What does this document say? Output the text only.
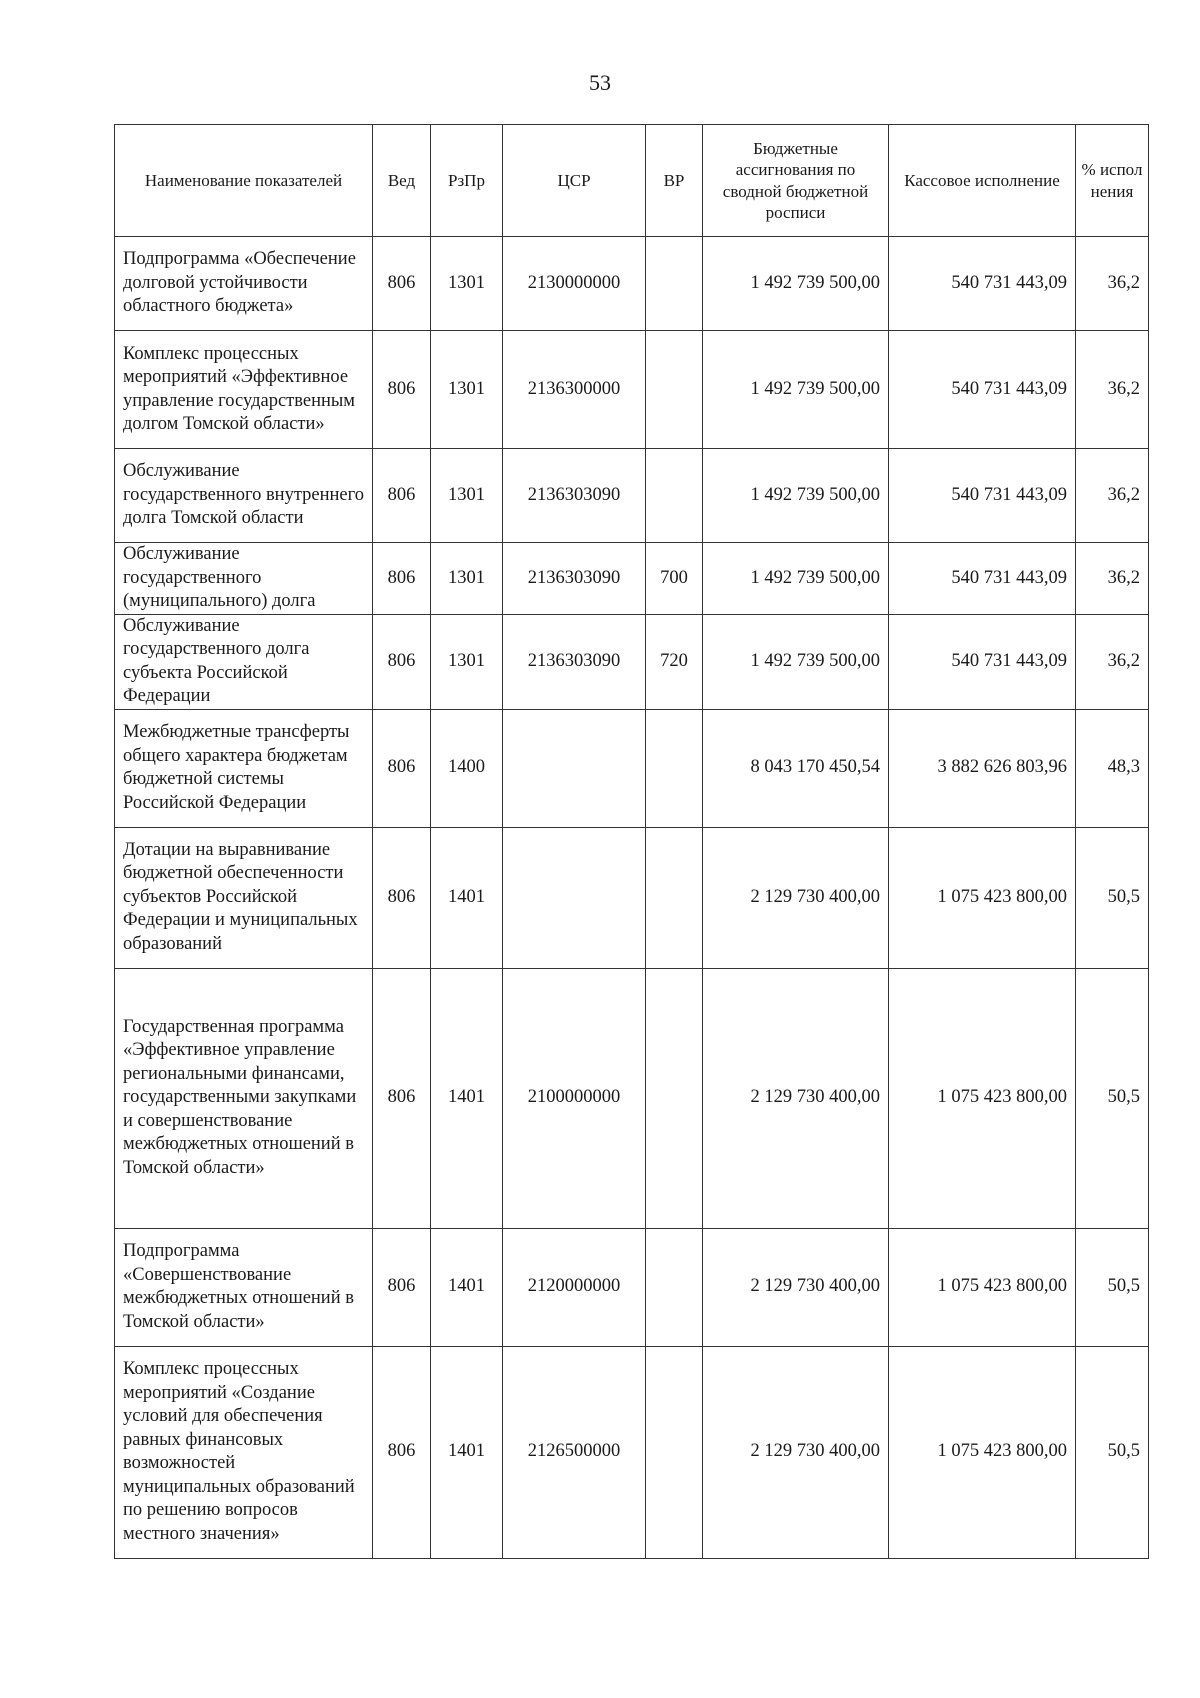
53
Наименование показателей	Вед	РзПр	ЦСР	ВР	Бюджетные ассигнования по сводной бюджетной росписи	Кассовое исполнение	% испол нения
Подпрограмма «Обеспечение долговой устойчивости областного бюджета»	806	1301	2130000000		1 492 739 500,00	540 731 443,09	36,2
Комплекс процессных мероприятий «Эффективное управление государственным долгом Томской области»	806	1301	2136300000		1 492 739 500,00	540 731 443,09	36,2
Обслуживание государственного внутреннего долга Томской области	806	1301	2136303090		1 492 739 500,00	540 731 443,09	36,2
Обслуживание государственного (муниципального) долга	806	1301	2136303090	700	1 492 739 500,00	540 731 443,09	36,2
Обслуживание государственного долга субъекта Российской Федерации	806	1301	2136303090	720	1 492 739 500,00	540 731 443,09	36,2
Межбюджетные трансферты общего характера бюджетам бюджетной системы Российской Федерации	806	1400			8 043 170 450,54	3 882 626 803,96	48,3
Дотации на выравнивание бюджетной обеспеченности субъектов Российской Федерации и муниципальных образований	806	1401			2 129 730 400,00	1 075 423 800,00	50,5
Государственная программа «Эффективное управление региональными финансами, государственными закупками и совершенствование межбюджетных отношений в Томской области»	806	1401	2100000000		2 129 730 400,00	1 075 423 800,00	50,5
Подпрограмма «Совершенствование межбюджетных отношений в Томской области»	806	1401	2120000000		2 129 730 400,00	1 075 423 800,00	50,5
Комплекс процессных мероприятий «Создание условий для обеспечения равных финансовых возможностей муниципальных образований по решению вопросов местного значения»	806	1401	2126500000		2 129 730 400,00	1 075 423 800,00	50,5
